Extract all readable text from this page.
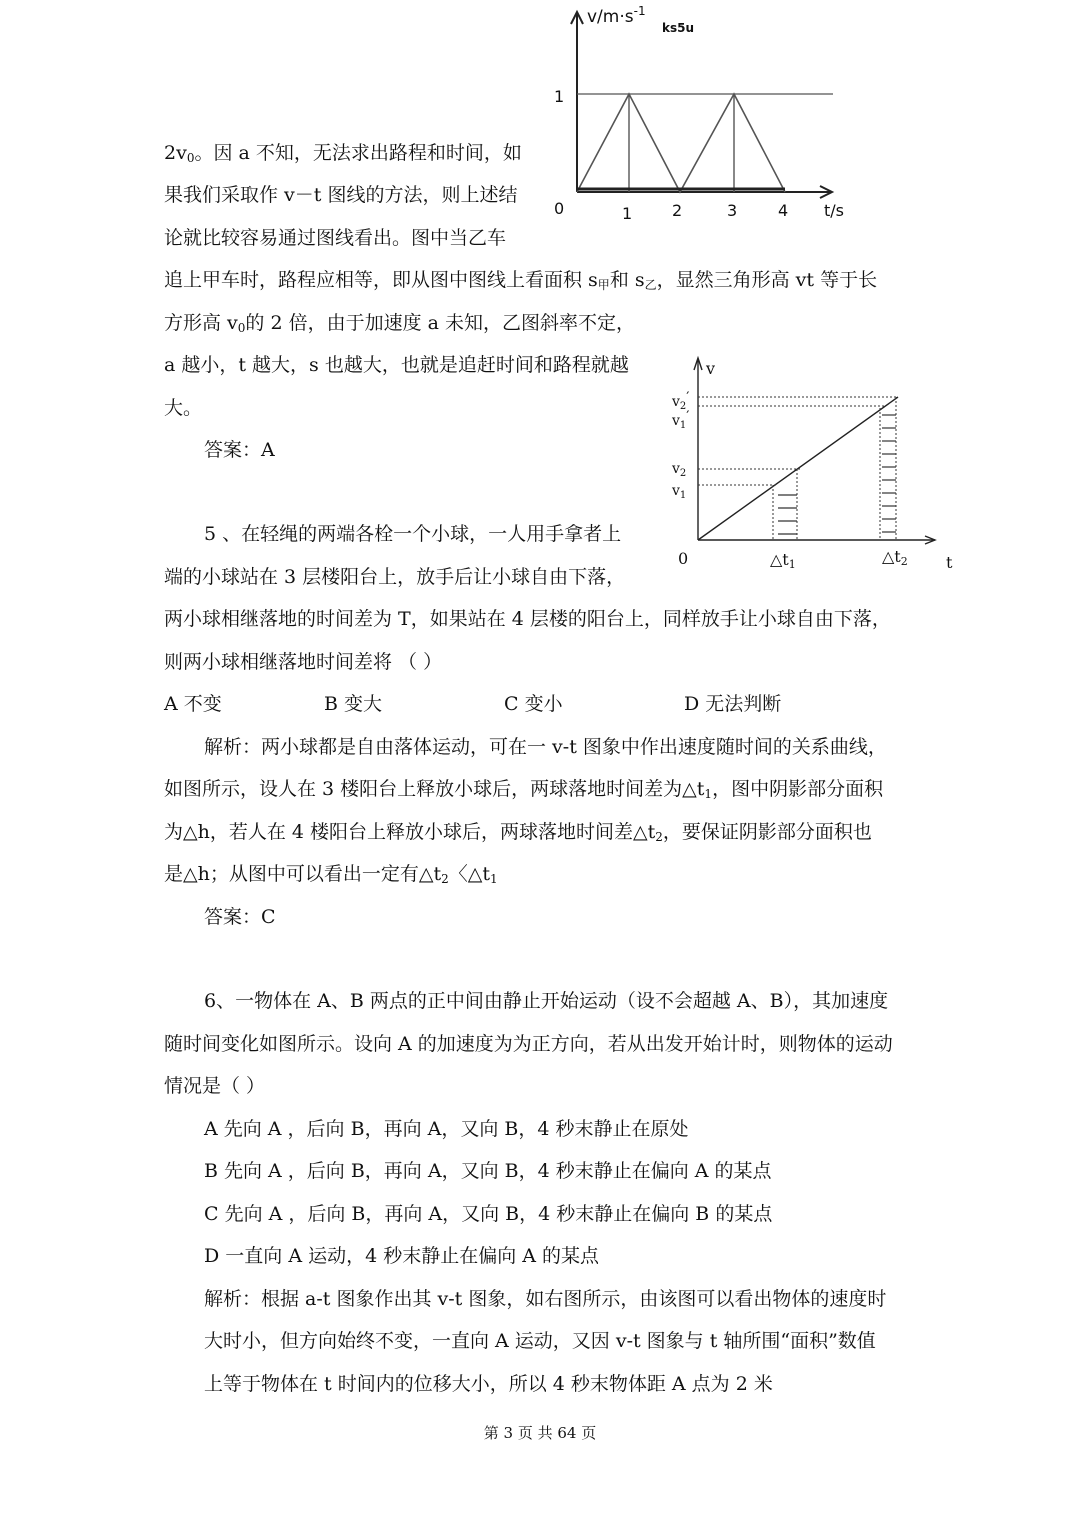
$v/m\cdot s^{-1}$
ks5u
1
0	1 2	3	4 t/s
v
t
0
$v_2'$
$v_1'$
$v_2$
$v_1$
△t1	△t2
$2v_0$。因 a 不知，无法求出路程和时间，如
果我们采取作 v－t 图线的方法，则上述结
论就比较容易通过图线看出。图中当乙车
追上甲车时，路程应相等，即从图中图线上看面积 $s_甲$和 $s_乙$，显然三角形高 vt 等于长
方形高 $v_0$的 2 倍，由于加速度 a 未知，乙图斜率不定，
a 越小，t 越大，s 也越大，也就是追赶时间和路程就越
大。
答案：A
5 、在轻绳的两端各栓一个小球，一人用手拿者上
端的小球站在 3 层楼阳台上，放手后让小球自由下落，
两小球相继落地的时间差为 T，如果站在 4 层楼的阳台上，同样放手让小球自由下落，
则两小球相继落地时间差将 （ ）
A 不变	B 变大	C 变小	D 无法判断
解析：两小球都是自由落体运动，可在一 v-t 图象中作出速度随时间的关系曲线，
如图所示，设人在 3 楼阳台上释放小球后，两球落地时间差为$\triangle t_1$，图中阴影部分面积
为△h，若人在 4 楼阳台上释放小球后，两球落地时间差$\triangle t_2$，要保证阴影部分面积也
是△h；从图中可以看出一定有$\triangle t_2$〈$\triangle t_1$
答案：C
6、一物体在 A、B 两点的正中间由静止开始运动（设不会超越 A、B），其加速度
随时间变化如图所示。设向 A 的加速度为为正方向，若从出发开始计时，则物体的运动
情况是（ ）
A 先向 A ，后向 B，再向 A，又向 B，4 秒末静止在原处
B 先向 A ，后向 B，再向 A，又向 B，4 秒末静止在偏向 A 的某点
C 先向 A ，后向 B，再向 A，又向 B，4 秒末静止在偏向 B 的某点
D 一直向 A 运动，4 秒末静止在偏向 A 的某点
解析：根据 a-t 图象作出其 v-t 图象，如右图所示，由该图可以看出物体的速度时
大时小，但方向始终不变，一直向 A 运动，又因 v-t 图象与 t 轴所围“面积”数值
上等于物体在 t 时间内的位移大小，所以 4 秒末物体距 A 点为 2 米
第 3 页 共 64 页
